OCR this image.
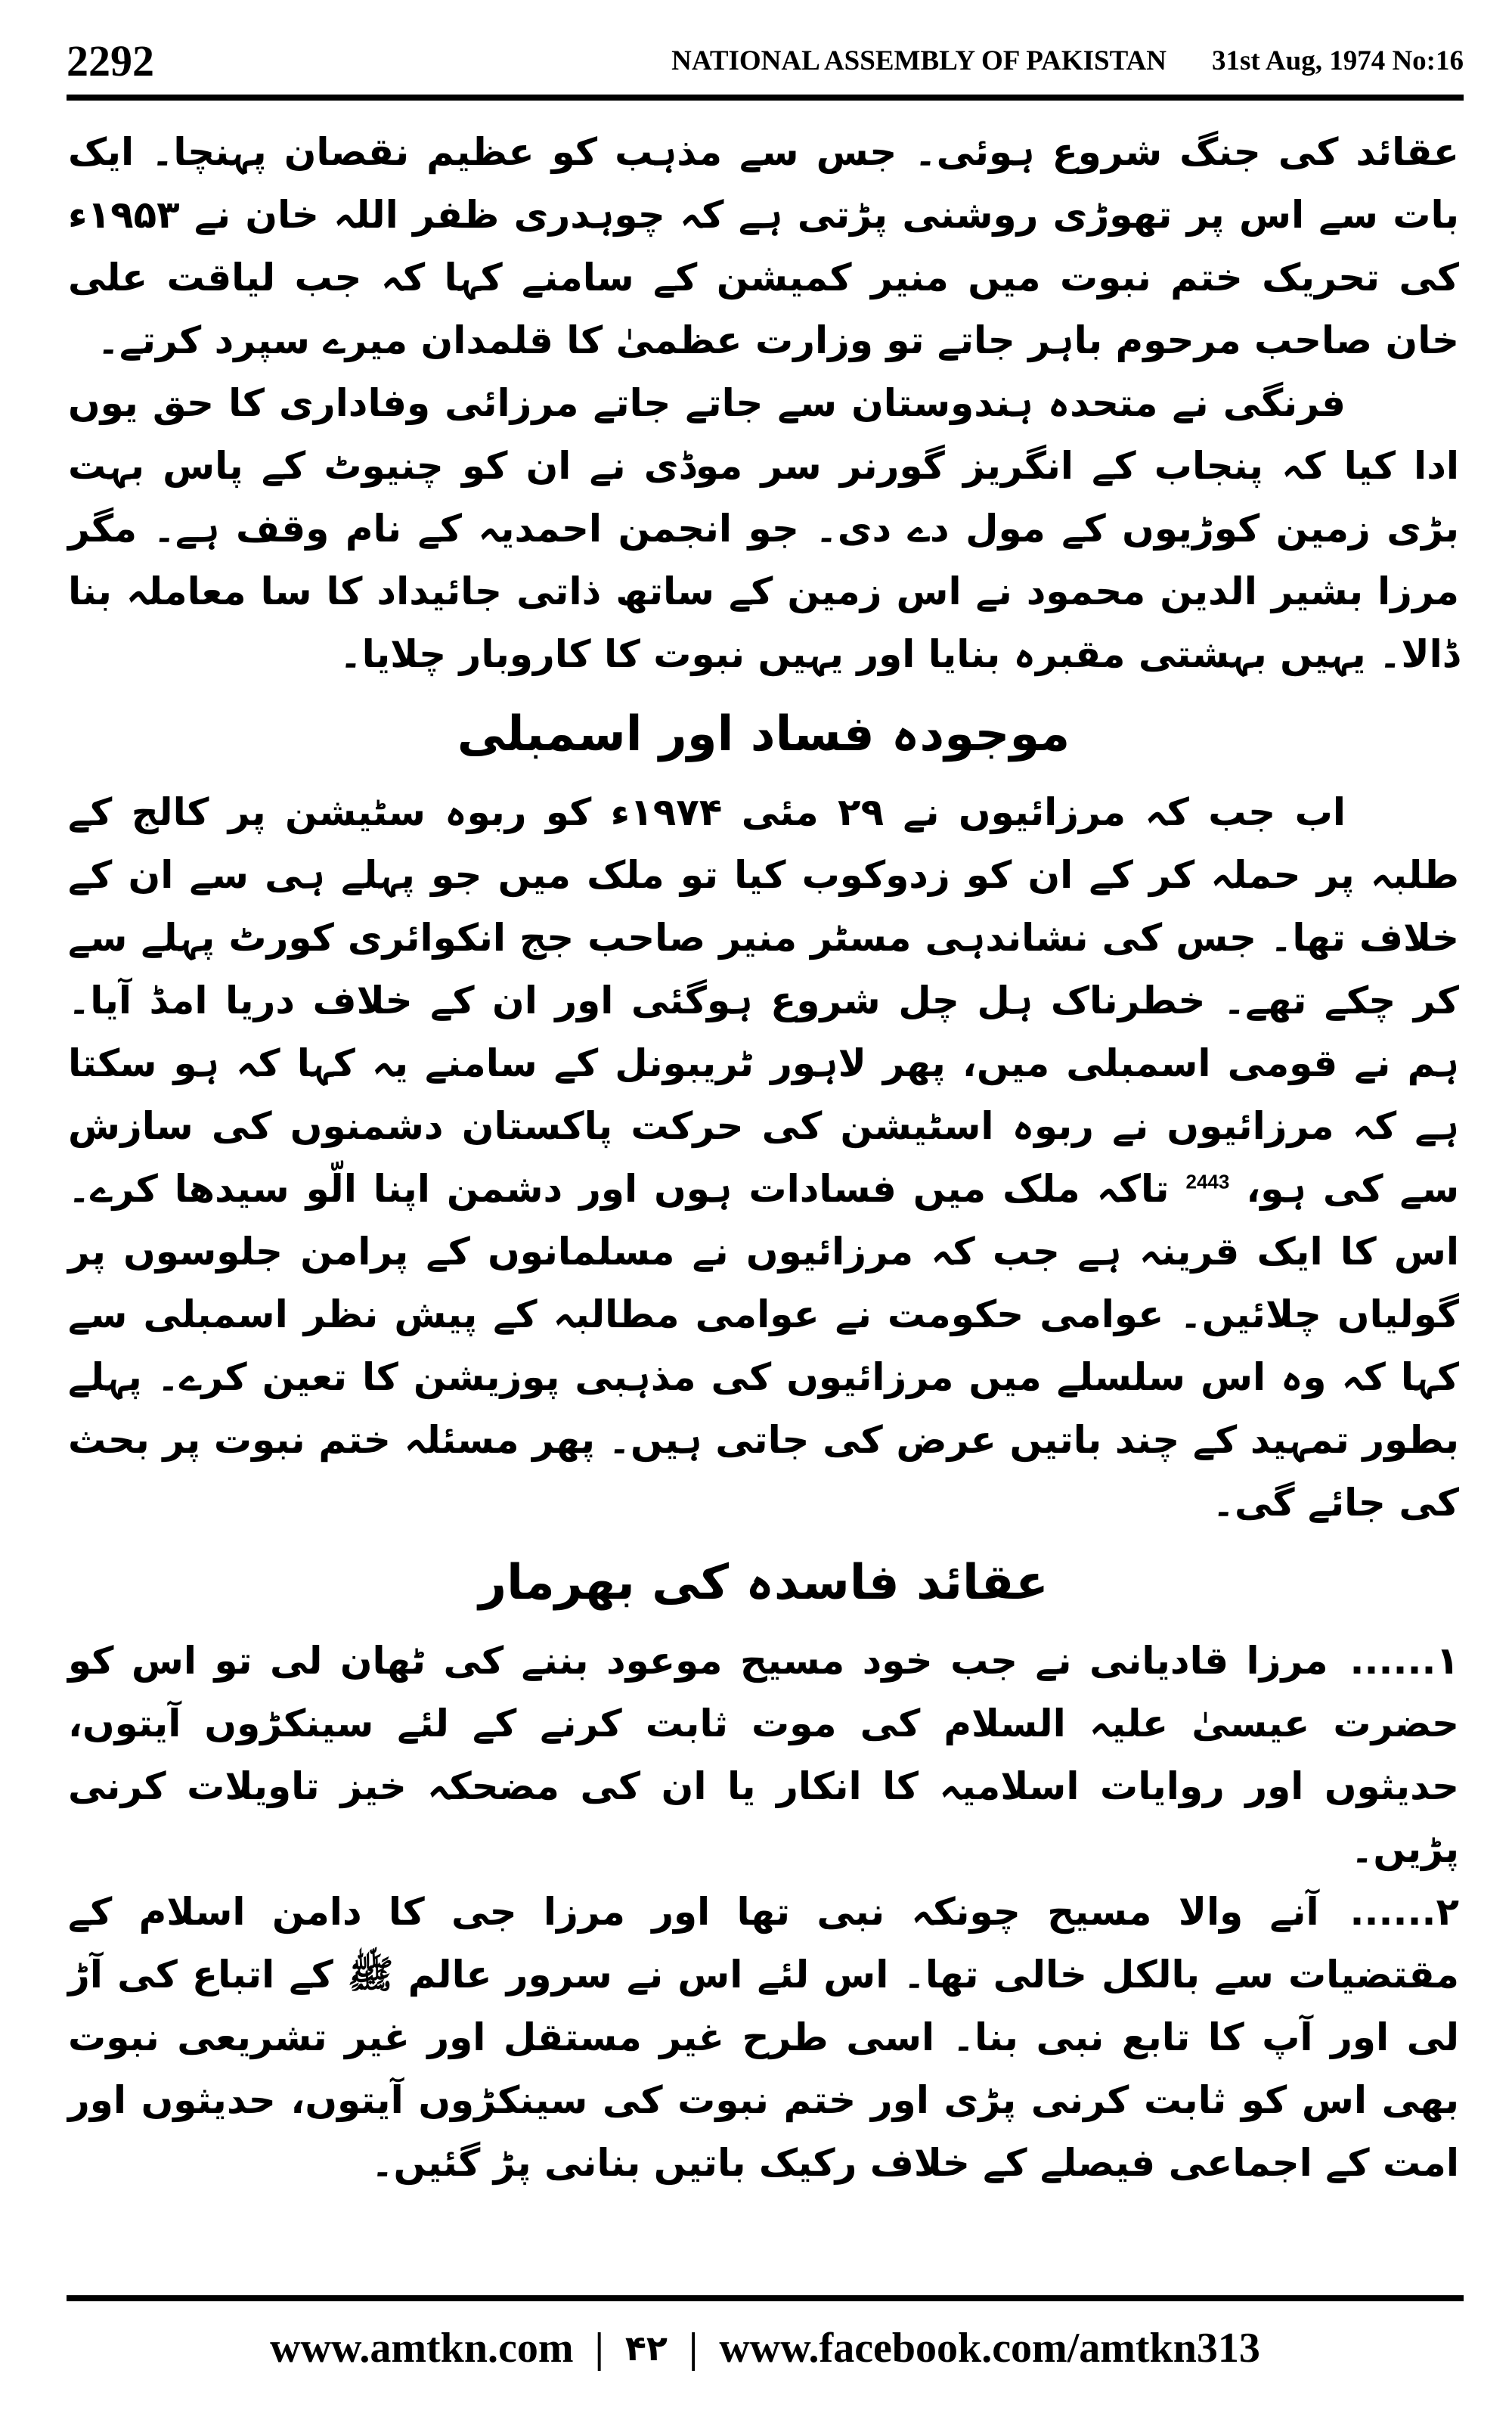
2292	NATIONAL ASSEMBLY OF PAKISTAN 31st Aug, 1974 No:16

عقائد کی جنگ شروع ہوئی۔ جس سے مذہب کو عظیم نقصان پہنچا۔ ایک بات سے اس پر تھوڑی روشنی پڑتی ہے کہ چوہدری ظفر اللہ خان نے ۱۹۵۳ء کی تحریک ختم نبوت میں منیر کمیشن کے سامنے کہا کہ جب لیاقت علی خان صاحب مرحوم باہر جاتے تو وزارت عظمیٰ کا قلمدان میرے سپرد کرتے۔

فرنگی نے متحدہ ہندوستان سے جاتے جاتے مرزائی وفاداری کا حق یوں ادا کیا کہ پنجاب کے انگریز گورنر سر موڈی نے ان کو چنیوٹ کے پاس بہت بڑی زمین کوڑیوں کے مول دے دی۔ جو انجمن احمدیہ کے نام وقف ہے۔ مگر مرزا بشیر الدین محمود نے اس زمین کے ساتھ ذاتی جائیداد کا سا معاملہ بنا ڈالا۔ یہیں بہشتی مقبرہ بنایا اور یہیں نبوت کا کاروبار چلایا۔

موجودہ فساد اور اسمبلی

اب جب کہ مرزائیوں نے ۲۹ مئی ۱۹۷۴ء کو ربوہ سٹیشن پر کالج کے طلبہ پر حملہ کر کے ان کو زدوکوب کیا تو ملک میں جو پہلے ہی سے ان کے خلاف تھا۔ جس کی نشاندہی مسٹر منیر صاحب جج انکوائری کورٹ پہلے سے کر چکے تھے۔ خطرناک ہل چل شروع ہوگئی اور ان کے خلاف دریا امڈ آیا۔ ہم نے قومی اسمبلی میں، پھر لاہور ٹریبونل کے سامنے یہ کہا کہ ہو سکتا ہے کہ مرزائیوں نے ربوہ اسٹیشن کی حرکت پاکستان دشمنوں کی سازش سے کی ہو، $^{2443}$ تاکہ ملک میں فسادات ہوں اور دشمن اپنا الّو سیدھا کرے۔ اس کا ایک قرینہ ہے جب کہ مرزائیوں نے مسلمانوں کے پرامن جلوسوں پر گولیاں چلائیں۔ عوامی حکومت نے عوامی مطالبہ کے پیش نظر اسمبلی سے کہا کہ وہ اس سلسلے میں مرزائیوں کی مذہبی پوزیشن کا تعین کرے۔ پہلے بطور تمہید کے چند باتیں عرض کی جاتی ہیں۔ پھر مسئلہ ختم نبوت پر بحث کی جائے گی۔

عقائد فاسدہ کی بھرمار

۱...... مرزا قادیانی نے جب خود مسیح موعود بننے کی ٹھان لی تو اس کو حضرت عیسیٰ علیہ السلام کی موت ثابت کرنے کے لئے سینکڑوں آیتوں، حدیثوں اور روایات اسلامیہ کا انکار یا ان کی مضحکہ خیز تاویلات کرنی پڑیں۔

۲...... آنے والا مسیح چونکہ نبی تھا اور مرزا جی کا دامن اسلام کے مقتضیات سے بالکل خالی تھا۔ اس لئے اس نے سرور عالم ﷺ کے اتباع کی آڑ لی اور آپ کا تابع نبی بنا۔ اسی طرح غیر مستقل اور غیر تشریعی نبوت بھی اس کو ثابت کرنی پڑی اور ختم نبوت کی سینکڑوں آیتوں، حدیثوں اور امت کے اجماعی فیصلے کے خلاف رکیک باتیں بنانی پڑ گئیں۔

www.amtkn.com | ۴۲ | www.facebook.com/amtkn313
